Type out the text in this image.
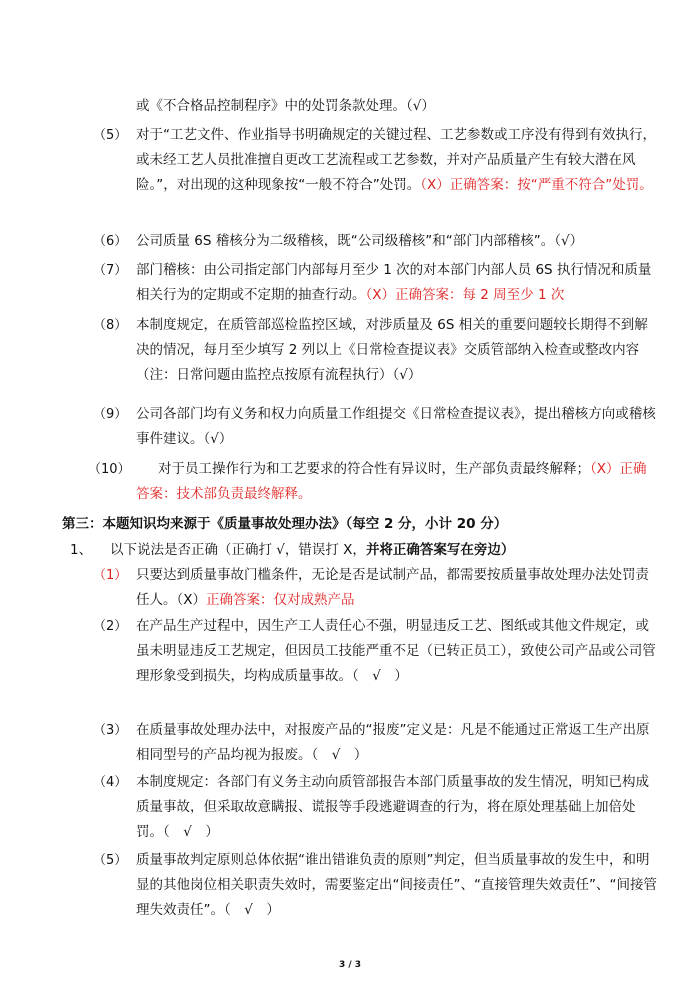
或《不合格品控制程序》中的处罚条款处理。（√）
（5） 对于“工艺文件、作业指导书明确规定的关键过程、工艺参数或工序没有得到有效执行，或未经工艺人员批准擅自更改工艺流程或工艺参数，并对产品质量产生有较大潜在风险。”，对出现的这种现象按“一般不符合”处罚。（X）正确答案：按“严重不符合”处罚。
（6） 公司质量 6S 稽核分为二级稽核，既“公司级稽核”和“部门内部稽核”。（√）
（7） 部门稽核：由公司指定部门内部每月至少 1 次的对本部门内部人员 6S 执行情况和质量相关行为的定期或不定期的抽查行动。（X）正确答案：每 2 周至少 1 次
（8） 本制度规定，在质管部巡检监控区域，对涉质量及 6S 相关的重要问题较长期得不到解决的情况，每月至少填写 2 列以上《日常检查提议表》交质管部纳入检查或整改内容（注：日常问题由监控点按原有流程执行）（√）
（9） 公司各部门均有义务和权力向质量工作组提交《日常检查提议表》，提出稽核方向或稽核事件建议。（√）
（10）	对于员工操作行为和工艺要求的符合性有异议时，生产部负责最终解释；（X）正确答案：技术部负责最终解释。
第三：本题知识均来源于《质量事故处理办法》（每空 2 分，小计 20 分）
1、 以下说法是否正确（正确打 √，错误打 X，并将正确答案写在旁边）
（1） 只要达到质量事故门槛条件，无论是否是试制产品，都需要按质量事故处理办法处罚责任人。（X）正确答案：仅对成熟产品
（2） 在产品生产过程中，因生产工人责任心不强，明显违反工艺、图纸或其他文件规定，或虽未明显违反工艺规定，但因员工技能严重不足（已转正员工），致使公司产品或公司管理形象受到损失，均构成质量事故。（　√　）
（3） 在质量事故处理办法中，对报废产品的“报废”定义是：凡是不能通过正常返工生产出原相同型号的产品均视为报废。（　√　）
（4） 本制度规定：各部门有义务主动向质管部报告本部门质量事故的发生情况，明知已构成质量事故，但采取故意瞒报、谎报等手段逃避调查的行为，将在原处理基础上加倍处罚。（　√　）
（5） 质量事故判定原则总体依据“谁出错谁负责的原则”判定，但当质量事故的发生中，和明显的其他岗位相关职责失效时，需要鉴定出“间接责任”、“直接管理失效责任”、“间接管理失效责任”。（　√　）
3 / 3
